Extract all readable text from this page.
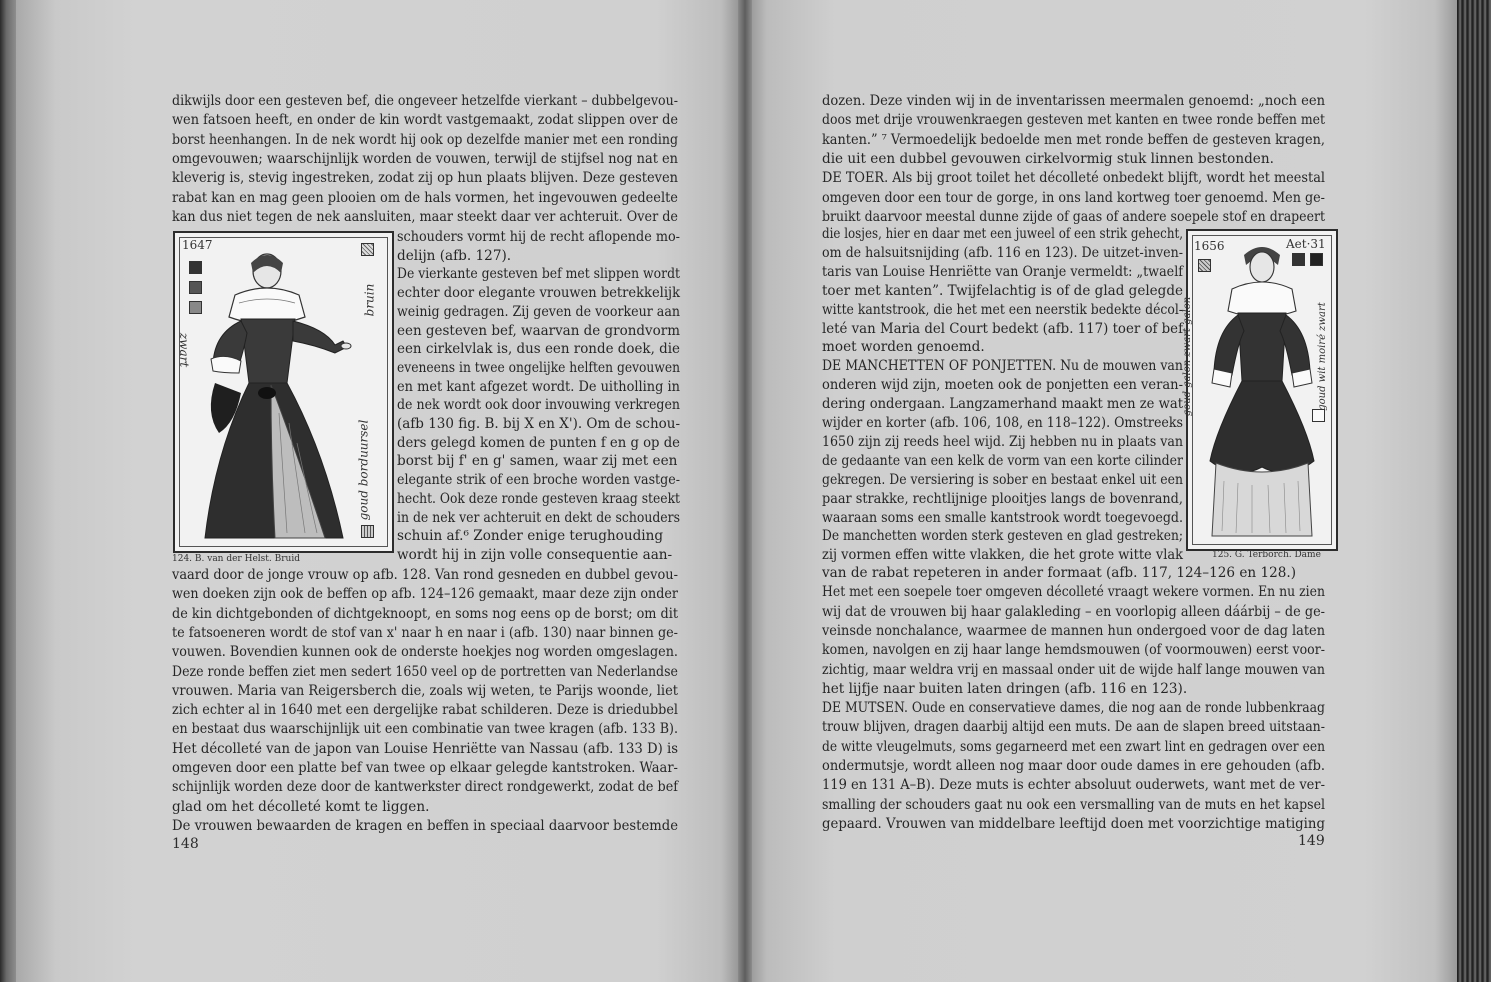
dikwijls door een gesteven bef, die ongeveer hetzelfde vierkant – dubbelgevou-
wen fatsoen heeft, en onder de kin wordt vastgemaakt, zodat slippen over de
borst heenhangen. In de nek wordt hij ook op dezelfde manier met een ronding
omgevouwen; waarschijnlijk worden de vouwen, terwijl de stijfsel nog nat en
kleverig is, stevig ingestreken, zodat zij op hun plaats blijven. Deze gesteven
rabat kan en mag geen plooien om de hals vormen, het ingevouwen gedeelte
kan dus niet tegen de nek aansluiten, maar steekt daar ver achteruit. Over de
schouders vormt hij de recht aflopende mo-
delijn (afb. 127).
De vierkante gesteven bef met slippen wordt
echter door elegante vrouwen betrekkelijk
weinig gedragen. Zij geven de voorkeur aan
een gesteven bef, waarvan de grondvorm
een cirkelvlak is, dus een ronde doek, die
eveneens in twee ongelijke helften gevouwen
en met kant afgezet wordt. De uitholling in
de nek wordt ook door invouwing verkregen
(afb 130 fig. B. bij X en X'). Om de schou-
ders gelegd komen de punten f en g op de
borst bij f' en g' samen, waar zij met een
elegante strik of een broche worden vastge-
hecht. Ook deze ronde gesteven kraag steekt
in de nek ver achteruit en dekt de schouders
schuin af.⁶ Zonder enige terughouding
wordt hij in zijn volle consequentie aan-
vaard door de jonge vrouw op afb. 128. Van rond gesneden en dubbel gevou-
wen doeken zijn ook de beffen op afb. 124–126 gemaakt, maar deze zijn onder
de kin dichtgebonden of dichtgeknoopt, en soms nog eens op de borst; om dit
te fatsoeneren wordt de stof van x' naar h en naar i (afb. 130) naar binnen ge-
vouwen. Bovendien kunnen ook de onderste hoekjes nog worden omgeslagen.
Deze ronde beffen ziet men sedert 1650 veel op de portretten van Nederlandse
vrouwen. Maria van Reigersberch die, zoals wij weten, te Parijs woonde, liet
zich echter al in 1640 met een dergelijke rabat schilderen. Deze is driedubbel
en bestaat dus waarschijnlijk uit een combinatie van twee kragen (afb. 133 B).
Het décolleté van de japon van Louise Henriëtte van Nassau (afb. 133 D) is
omgeven door een platte bef van twee op elkaar gelegde kantstroken. Waar-
schijnlijk worden deze door de kantwerkster direct rondgewerkt, zodat de bef
glad om het décolleté komt te liggen.
De vrouwen bewaarden de kragen en beffen in speciaal daarvoor bestemde
1647
zwart
bruin
goud borduursel
124. B. van der Helst. Bruid
148
dozen. Deze vinden wij in de inventarissen meermalen genoemd: „noch een
doos met drije vrouwenkraegen gesteven met kanten en twee ronde beffen met
kanten.” ⁷ Vermoedelijk bedoelde men met ronde beffen de gesteven kragen,
die uit een dubbel gevouwen cirkelvormig stuk linnen bestonden.
DE TOER. Als bij groot toilet het décolleté onbedekt blijft, wordt het meestal
omgeven door een tour de gorge, in ons land kortweg toer genoemd. Men ge-
bruikt daarvoor meestal dunne zijde of gaas of andere soepele stof en drapeert
die losjes, hier en daar met een juweel of een strik gehecht,
om de halsuitsnijding (afb. 116 en 123). De uitzet-inven-
taris van Louise Henriëtte van Oranje vermeldt: „twaelf
toer met kanten”. Twijfelachtig is of de glad gelegde
witte kantstrook, die het met een neerstik bedekte décol-
leté van Maria del Court bedekt (afb. 117) toer of bef
moet worden genoemd.
DE MANCHETTEN OF PONJETTEN. Nu de mouwen van
onderen wijd zijn, moeten ook de ponjetten een veran-
dering ondergaan. Langzamerhand maakt men ze wat
wijder en korter (afb. 106, 108, en 118–122). Omstreeks
1650 zijn zij reeds heel wijd. Zij hebben nu in plaats van
de gedaante van een kelk de vorm van een korte cilinder
gekregen. De versiering is sober en bestaat enkel uit een
paar strakke, rechtlijnige plooitjes langs de bovenrand,
waaraan soms een smalle kantstrook wordt toegevoegd.
De manchetten worden sterk gesteven en glad gestreken;
zij vormen effen witte vlakken, die het grote witte vlak
van de rabat repeteren in ander formaat (afb. 117, 124–126 en 128.)
Het met een soepele toer omgeven décolleté vraagt wekere vormen. En nu zien
wij dat de vrouwen bij haar galakleding – en voorlopig alleen dáárbij – de ge-
veinsde nonchalance, waarmee de mannen hun ondergoed voor de dag laten
komen, navolgen en zij haar lange hemdsmouwen (of voormouwen) eerst voor-
zichtig, maar weldra vrij en massaal onder uit de wijde half lange mouwen van
het lijfje naar buiten laten dringen (afb. 116 en 123).
DE MUTSEN. Oude en conservatieve dames, die nog aan de ronde lubbenkraag
trouw blijven, dragen daarbij altijd een muts. De aan de slapen breed uitstaan-
de witte vleugelmuts, soms gegarneerd met een zwart lint en gedragen over een
ondermutsje, wordt alleen nog maar door oude dames in ere gehouden (afb.
119 en 131 A–B). Deze muts is echter absoluut ouderwets, want met de ver-
smalling der schouders gaat nu ook een versmalling van de muts en het kapsel
gepaard. Vrouwen van middelbare leeftijd doen met voorzichtige matiging
1656	Aet·31
goud galon zwart galon	goud wit moiré zwart
125. G. Terborch. Dame
149
